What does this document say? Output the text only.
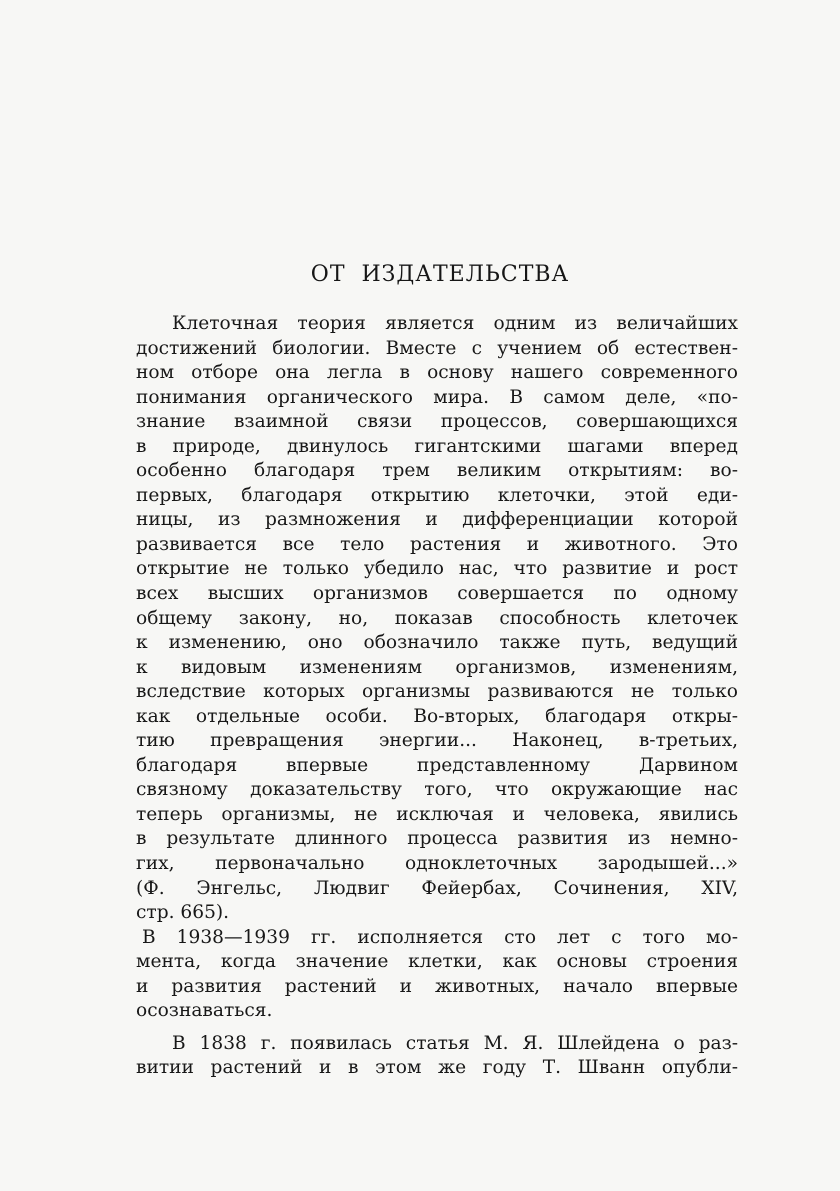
ОТ ИЗДАТЕЛЬСТВА
Клеточная теория является одним из величайших
достижений биологии. Вместе с учением об естествен-
ном отборе она легла в основу нашего современного
понимания органического мира. В самом деле, «по-
знание взаимной связи процессов, совершающихся
в природе, двинулось гигантскими шагами вперед
особенно благодаря трем великим открытиям: во-
первых, благодаря открытию клеточки, этой еди-
ницы, из размножения и дифференциации которой
развивается все тело растения и животного. Это
открытие не только убедило нас, что развитие и рост
всех высших организмов совершается по одному
общему закону, но, показав способность клеточек
к изменению, оно обозначило также путь, ведущий
к видовым изменениям организмов, изменениям,
вследствие которых организмы развиваются не только
как отдельные особи. Во-вторых, благодаря откры-
тию превращения энергии... Наконец, в-третьих,
благодаря впервые представленному Дарвином
связному доказательству того, что окружающие нас
теперь организмы, не исключая и человека, явились
в результате длинного процесса развития из немно-
гих, первоначально одноклеточных зародышей...»
(Ф. Энгельс, Людвиг Фейербах, Сочинения, XIV,
стр. 665).
В 1938—1939 гг. исполняется сто лет с того мо-
мента, когда значение клетки, как основы строения
и развития растений и животных, начало впервые
осознаваться.
В 1838 г. появилась статья М. Я. Шлейдена о раз-
витии растений и в этом же году Т. Шванн опубли-
